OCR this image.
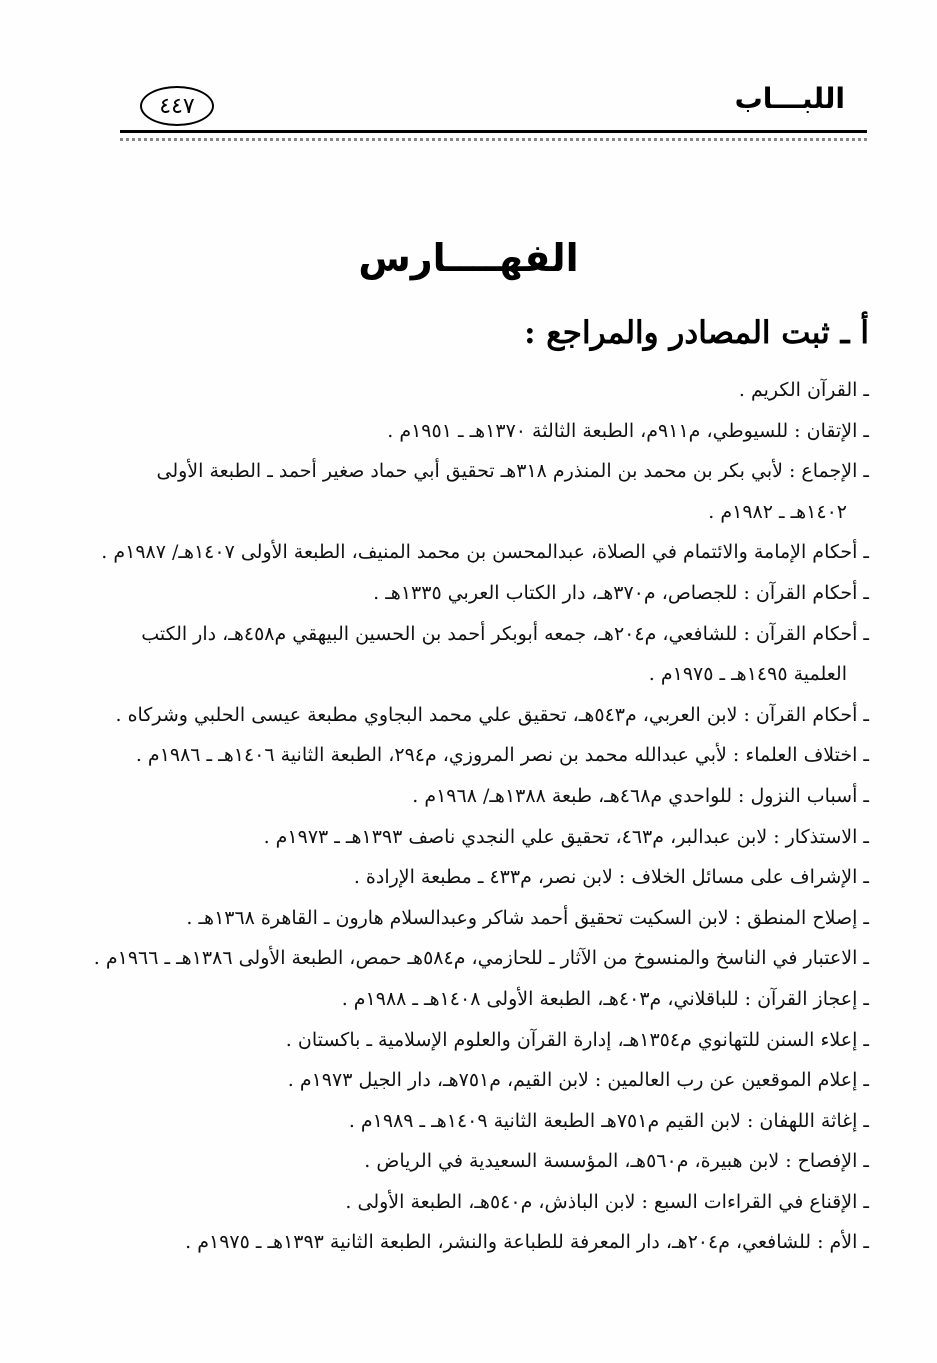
اللبـــاب
٤٤٧
الفهــــارس
أ ـ ثبت المصادر والمراجع :
ـ القرآن الكريم .
ـ الإتقان : للسيوطي، م٩١١م، الطبعة الثالثة ١٣٧٠هـ ـ ١٩٥١م .
ـ الإجماع : لأبي بكر بن محمد بن المنذرم ٣١٨هـ تحقيق أبي حماد صغير أحمد ـ الطبعة الأولى
١٤٠٢هـ ـ ١٩٨٢م .
ـ أحكام الإمامة والائتمام في الصلاة، عبدالمحسن بن محمد المنيف، الطبعة الأولى ١٤٠٧هـ/ ١٩٨٧م .
ـ أحكام القرآن : للجصاص، م٣٧٠هـ، دار الكتاب العربي ١٣٣٥هـ .
ـ أحكام القرآن : للشافعي، م٢٠٤هـ، جمعه أبوبكر أحمد بن الحسين البيهقي م٤٥٨هـ، دار الكتب
العلمية ١٤٩٥هـ ـ ١٩٧٥م .
ـ أحكام القرآن : لابن العربي، م٥٤٣هـ، تحقيق علي محمد البجاوي مطبعة عيسى الحلبي وشركاه .
ـ اختلاف العلماء : لأبي عبدالله محمد بن نصر المروزي، م٢٩٤، الطبعة الثانية ١٤٠٦هـ ـ ١٩٨٦م .
ـ أسباب النزول : للواحدي م٤٦٨هـ، طبعة ١٣٨٨هـ/ ١٩٦٨م .
ـ الاستذكار : لابن عبدالبر، م٤٦٣، تحقيق علي النجدي ناصف ١٣٩٣هـ ـ ١٩٧٣م .
ـ الإشراف على مسائل الخلاف : لابن نصر، م٤٣٣ ـ مطبعة الإرادة .
ـ إصلاح المنطق : لابن السكيت تحقيق أحمد شاكر وعبدالسلام هارون ـ القاهرة ١٣٦٨هـ .
ـ الاعتبار في الناسخ والمنسوخ من الآثار ـ للحازمي، م٥٨٤هـ حمص، الطبعة الأولى ١٣٨٦هـ ـ ١٩٦٦م .
ـ إعجاز القرآن : للباقلاني، م٤٠٣هـ، الطبعة الأولى ١٤٠٨هـ ـ ١٩٨٨م .
ـ إعلاء السنن للتهانوي م١٣٥٤هـ، إدارة القرآن والعلوم الإسلامية ـ باكستان .
ـ إعلام الموقعين عن رب العالمين : لابن القيم، م٧٥١هـ، دار الجيل ١٩٧٣م .
ـ إغاثة اللهفان : لابن القيم م٧٥١هـ الطبعة الثانية ١٤٠٩هـ ـ ١٩٨٩م .
ـ الإفصاح : لابن هبيرة، م٥٦٠هـ، المؤسسة السعيدية في الرياض .
ـ الإقناع في القراءات السبع : لابن الباذش، م٥٤٠هـ، الطبعة الأولى .
ـ الأم : للشافعي، م٢٠٤هـ، دار المعرفة للطباعة والنشر، الطبعة الثانية ١٣٩٣هـ ـ ١٩٧٥م .
